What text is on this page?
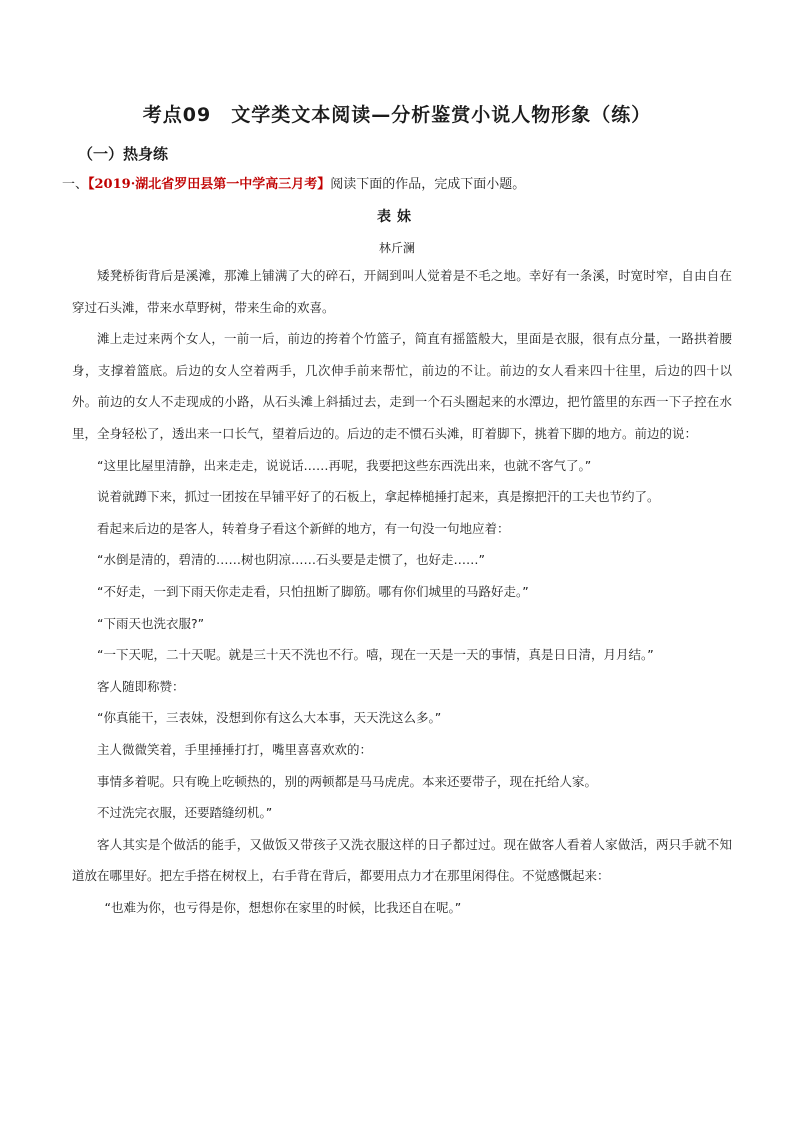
考点09　文学类文本阅读—分析鉴赏小说人物形象（练）
（一）热身练
一、【2019·湖北省罗田县第一中学高三月考】阅读下面的作品，完成下面小题。
表妹
林斤澜

矮凳桥街背后是溪滩，那滩上铺满了大的碎石，开阔到叫人觉着是不毛之地。幸好有一条溪，时宽时窄，自由自在穿过石头滩，带来水草野树，带来生命的欢喜。

滩上走过来两个女人，一前一后，前边的挎着个竹篮子，简直有摇篮般大，里面是衣服，很有点分量，一路拱着腰身，支撑着篮底。后边的女人空着两手，几次伸手前来帮忙，前边的不让。前边的女人看来四十往里，后边的四十以外。前边的女人不走现成的小路，从石头滩上斜插过去，走到一个石头圈起来的水潭边，把竹篮里的东西一下子控在水里，全身轻松了，透出来一口长气，望着后边的。后边的走不惯石头滩，盯着脚下，挑着下脚的地方。前边的说：

“这里比屋里清静，出来走走，说说话……再呢，我要把这些东西洗出来，也就不客气了。”

说着就蹲下来，抓过一团按在早铺平好了的石板上，拿起棒槌捶打起来，真是擦把汗的工夫也节约了。

看起来后边的是客人，转着身子看这个新鲜的地方，有一句没一句地应着：

“水倒是清的，碧清的……树也阴凉……石头要是走惯了，也好走……”

“不好走，一到下雨天你走走看，只怕扭断了脚筋。哪有你们城里的马路好走。”

“下雨天也洗衣服?”

“一下天呢，二十天呢。就是三十天不洗也不行。嘻，现在一天是一天的事情，真是日日清，月月结。”

客人随即称赞：

“你真能干，三表妹，没想到你有这么大本事，天天洗这么多。”

主人微微笑着，手里捶捶打打，嘴里喜喜欢欢的：

事情多着呢。只有晚上吃顿热的，别的两顿都是马马虎虎。本来还要带子，现在托给人家。

不过洗完衣服，还要踏缝纫机。”

客人其实是个做活的能手，又做饭又带孩子又洗衣服这样的日子都过过。现在做客人看着人家做活，两只手就不知道放在哪里好。把左手搭在树杈上，右手背在背后，都要用点力才在那里闲得住。不觉感慨起来：

“也难为你，也亏得是你，想想你在家里的时候，比我还自在呢。”
